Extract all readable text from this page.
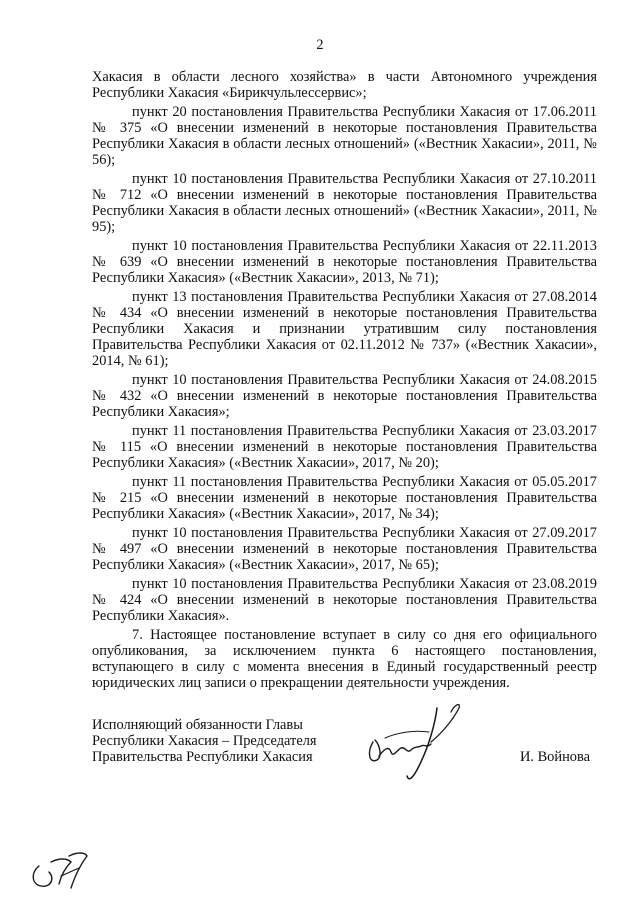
2

Хакасия в области лесного хозяйства» в части Автономного учреждения Республики Хакасия «Бирикчульлессервис»;

пункт 20 постановления Правительства Республики Хакасия от 17.06.2011 № 375 «О внесении изменений в некоторые постановления Правительства Республики Хакасия в области лесных отношений» («Вестник Хакасии», 2011, № 56);

пункт 10 постановления Правительства Республики Хакасия от 27.10.2011 № 712 «О внесении изменений в некоторые постановления Правительства Республики Хакасия в области лесных отношений» («Вестник Хакасии», 2011, № 95);

пункт 10 постановления Правительства Республики Хакасия от 22.11.2013 № 639 «О внесении изменений в некоторые постановления Правительства Республики Хакасия» («Вестник Хакасии», 2013, № 71);

пункт 13 постановления Правительства Республики Хакасия от 27.08.2014 № 434 «О внесении изменений в некоторые постановления Правительства Республики Хакасия и признании утратившим силу постановления Правительства Республики Хакасия от 02.11.2012 № 737» («Вестник Хакасии», 2014, № 61);

пункт 10 постановления Правительства Республики Хакасия от 24.08.2015 № 432 «О внесении изменений в некоторые постановления Правительства Республики Хакасия»;

пункт 11 постановления Правительства Республики Хакасия от 23.03.2017 № 115 «О внесении изменений в некоторые постановления Правительства Республики Хакасия» («Вестник Хакасии», 2017, № 20);

пункт 11 постановления Правительства Республики Хакасия от 05.05.2017 № 215 «О внесении изменений в некоторые постановления Правительства Республики Хакасия» («Вестник Хакасии», 2017, № 34);

пункт 10 постановления Правительства Республики Хакасия от 27.09.2017 № 497 «О внесении изменений в некоторые постановления Правительства Республики Хакасия» («Вестник Хакасии», 2017, № 65);

пункт 10 постановления Правительства Республики Хакасия от 23.08.2019 № 424 «О внесении изменений в некоторые постановления Правительства Республики Хакасия».

7. Настоящее постановление вступает в силу со дня его официального опубликования, за исключением пункта 6 настоящего постановления, вступающего в силу с момента внесения в Единый государственный реестр юридических лиц записи о прекращении деятельности учреждения.

Исполняющий обязанности Главы
Республики Хакасия – Председателя
Правительства Республики Хакасия	И. Войнова
